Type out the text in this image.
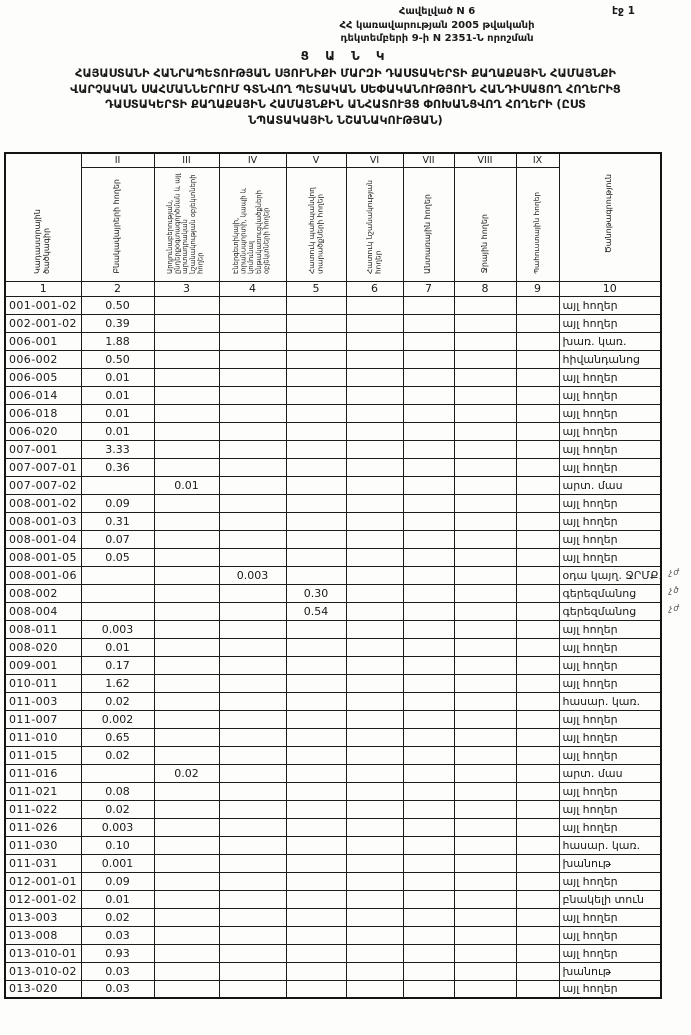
Հավելված N 6
ՀՀ կառավարության 2005 թվականի
դեկտեմբերի 9-ի N 2351-Ն որոշման
էջ 1
Ց Ա Ն Կ
ՀԱՅԱՍՏԱՆԻ ՀԱՆՐԱՊԵՏՈՒԹՅԱՆ ՍՅՈՒՆԻՔԻ ՄԱՐԶԻ ԴԱՍՏԱԿԵՐՏԻ ՔԱՂԱՔԱՅԻՆ ՀԱՄԱՅՆՔԻ
ՎԱՐՉԱԿԱՆ ՍԱՀՄԱՆՆԵՐՈՒՄ ԳՏՆՎՈՂ ՊԵՏԱԿԱՆ ՍԵՓԱԿԱՆՈՒԹՅՈՒՆ ՀԱՆԴԻՍԱՑՈՂ ՀՈՂԵՐԻՑ
ԴԱՍՏԱԿԵՐՏԻ ՔԱՂԱՔԱՅԻՆ ՀԱՄԱՅՆՔԻՆ ԱՆՀԱՏՈՒՅՑ ՓՈԽԱՆՑՎՈՂ ՀՈՂԵՐԻ (ԸՍՏ
ՆՊԱՏԱԿԱՅԻՆ ՆՇԱՆԱԿՈՒԹՅԱՆ)
Կադաստրային ծածկագիր	II	III	IV	V	VI	VII	VIII	IX	Ծանոթագրություն
	Բնակավայրերի հողեր	Արդյունաբերության, ընդերքօգտագործման և այլ արտադրական նշանակության օբյեկտների հողեր	Էներգետիկայի, տրանսպորտի, կապի և կոմունալ ենթակառուցվածքների օբյեկտների հողեր	Հատուկ պահպանվող տարածքների հողեր	Հատուկ նշանակության հողեր	Անտառային հողեր	Ջրային հողեր	Պահուստային հողեր	
1	2	3	4	5	6	7	8	9	10
001-001-02	0.50								այլ հողեր
002-001-02	0.39								այլ հողեր
006-001	1.88								խառ. կառ.
006-002	0.50								հիվանդանոց
006-005	0.01								այլ հողեր
006-014	0.01								այլ հողեր
006-018	0.01								այլ հողեր
006-020	0.01								այլ հողեր
007-001	3.33								այլ հողեր
007-007-01	0.36								այլ հողեր
007-007-02		0.01							արտ. մաս
008-001-02	0.09								այլ հողեր
008-001-03	0.31								այլ հողեր
008-001-04	0.07								այլ հողեր
008-001-05	0.05								այլ հողեր
008-001-06			0.003						օդա կայղ. ՋՐՄՔ. չժ

008-002				0.30					գերեզմանոց չծ

008-004				0.54					գերեզմանոց չժ

008-011	0.003								այլ հողեր
008-020	0.01								այլ հողեր
009-001	0.17								այլ հողեր
010-011	1.62								այլ հողեր
011-003	0.02								հասար. կառ.
011-007	0.002								այլ հողեր
011-010	0.65								այլ հողեր
011-015	0.02								այլ հողեր
011-016		0.02							արտ. մաս
011-021	0.08								այլ հողեր
011-022	0.02								այլ հողեր
011-026	0.003								այլ հողեր
011-030	0.10								հասար. կառ.
011-031	0.001								խանութ
012-001-01	0.09								այլ հողեր
012-001-02	0.01								բնակելի տուն
013-003	0.02								այլ հողեր
013-008	0.03								այլ հողեր
013-010-01	0.93								այլ հողեր
013-010-02	0.03								խանութ
013-020	0.03								այլ հողեր
